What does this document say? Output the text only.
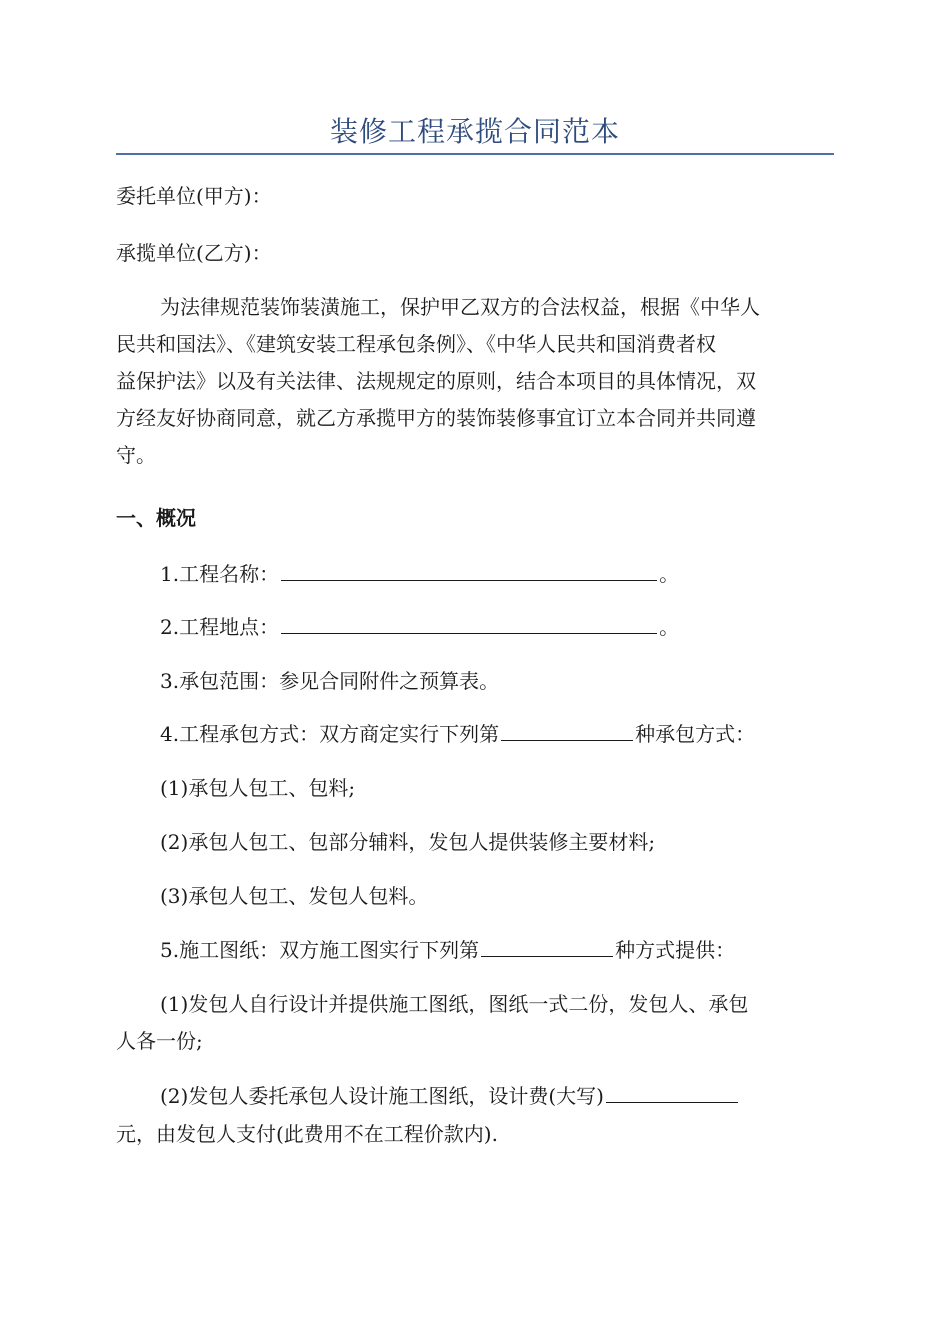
装修工程承揽合同范本
委托单位(甲方)：
承揽单位(乙方)：
为法律规范装饰装潢施工，保护甲乙双方的合法权益，根据《中华人
民共和国法》、《建筑安装工程承包条例》、《中华人民共和国消费者权
益保护法》以及有关法律、法规规定的原则，结合本项目的具体情况，双
方经友好协商同意，就乙方承揽甲方的装饰装修事宜订立本合同并共同遵
守。
一、概况
1.工程名称：	。
2.工程地点：	。
3.承包范围：参见合同附件之预算表。
4.工程承包方式：双方商定实行下列第	种承包方式：
(1)承包人包工、包料;
(2)承包人包工、包部分辅料，发包人提供装修主要材料;
(3)承包人包工、发包人包料。
5.施工图纸：双方施工图实行下列第	种方式提供：
(1)发包人自行设计并提供施工图纸，图纸一式二份，发包人、承包
人各一份;
(2)发包人委托承包人设计施工图纸，设计费(大写)
元，由发包人支付(此费用不在工程价款内).
